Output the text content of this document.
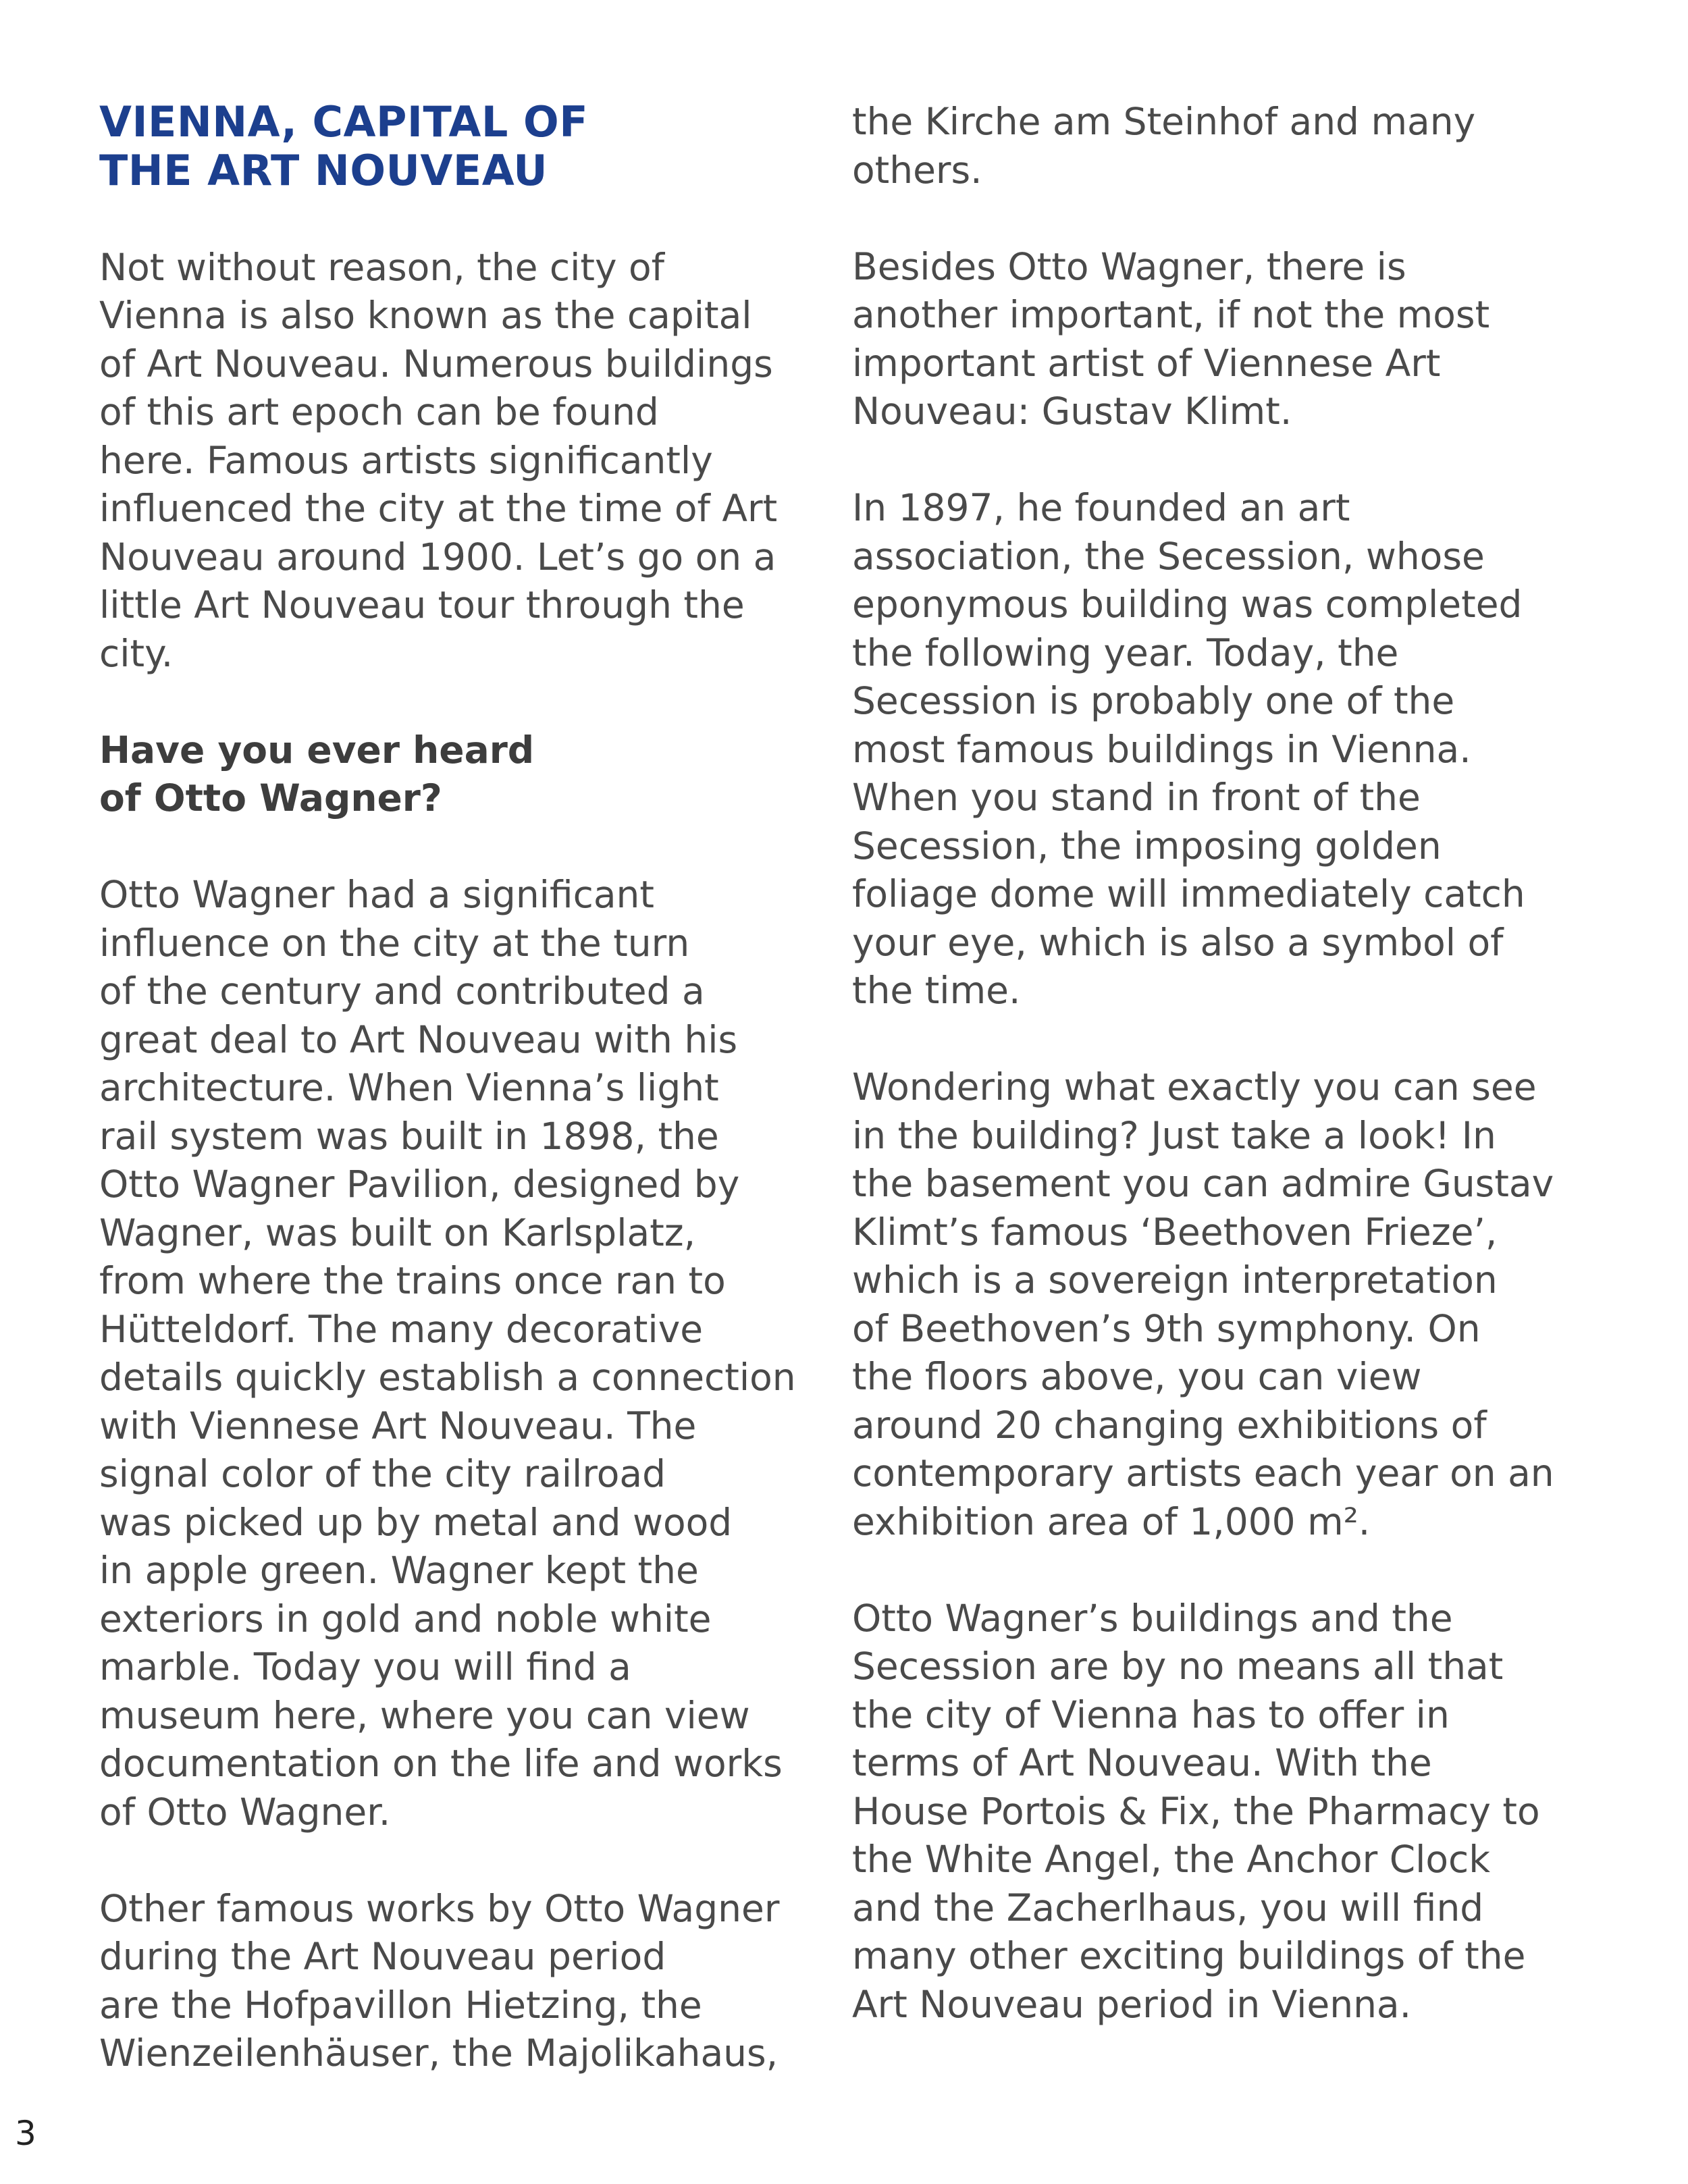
VIENNA, CAPITAL OF
THE ART NOUVEAU

Not without reason, the city of
Vienna is also known as the capital
of Art Nouveau. Numerous buildings
of this art epoch can be found
here. Famous artists significantly
influenced the city at the time of Art
Nouveau around 1900. Let’s go on a
little Art Nouveau tour through the
city.

Have you ever heard
of Otto Wagner?

Otto Wagner had a significant
influence on the city at the turn
of the century and contributed a
great deal to Art Nouveau with his
architecture. When Vienna’s light
rail system was built in 1898, the
Otto Wagner Pavilion, designed by
Wagner, was built on Karlsplatz,
from where the trains once ran to
Hütteldorf. The many decorative
details quickly establish a connection
with Viennese Art Nouveau. The
signal color of the city railroad
was picked up by metal and wood
in apple green. Wagner kept the
exteriors in gold and noble white
marble. Today you will find a
museum here, where you can view
documentation on the life and works
of Otto Wagner.

Other famous works by Otto Wagner
during the Art Nouveau period
are the Hofpavillon Hietzing, the
Wienzeilenhäuser, the Majolikahaus,

the Kirche am Steinhof and many
others.

Besides Otto Wagner, there is
another important, if not the most
important artist of Viennese Art
Nouveau: Gustav Klimt.

In 1897, he founded an art
association, the Secession, whose
eponymous building was completed
the following year. Today, the
Secession is probably one of the
most famous buildings in Vienna.
When you stand in front of the
Secession, the imposing golden
foliage dome will immediately catch
your eye, which is also a symbol of
the time.

Wondering what exactly you can see
in the building? Just take a look! In
the basement you can admire Gustav
Klimt’s famous ‘Beethoven Frieze’,
which is a sovereign interpretation
of Beethoven’s 9th symphony. On
the floors above, you can view
around 20 changing exhibitions of
contemporary artists each year on an
exhibition area of 1,000 m².

Otto Wagner’s buildings and the
Secession are by no means all that
the city of Vienna has to offer in
terms of Art Nouveau. With the
House Portois & Fix, the Pharmacy to
the White Angel, the Anchor Clock
and the Zacherlhaus, you will find
many other exciting buildings of the
Art Nouveau period in Vienna.

3
